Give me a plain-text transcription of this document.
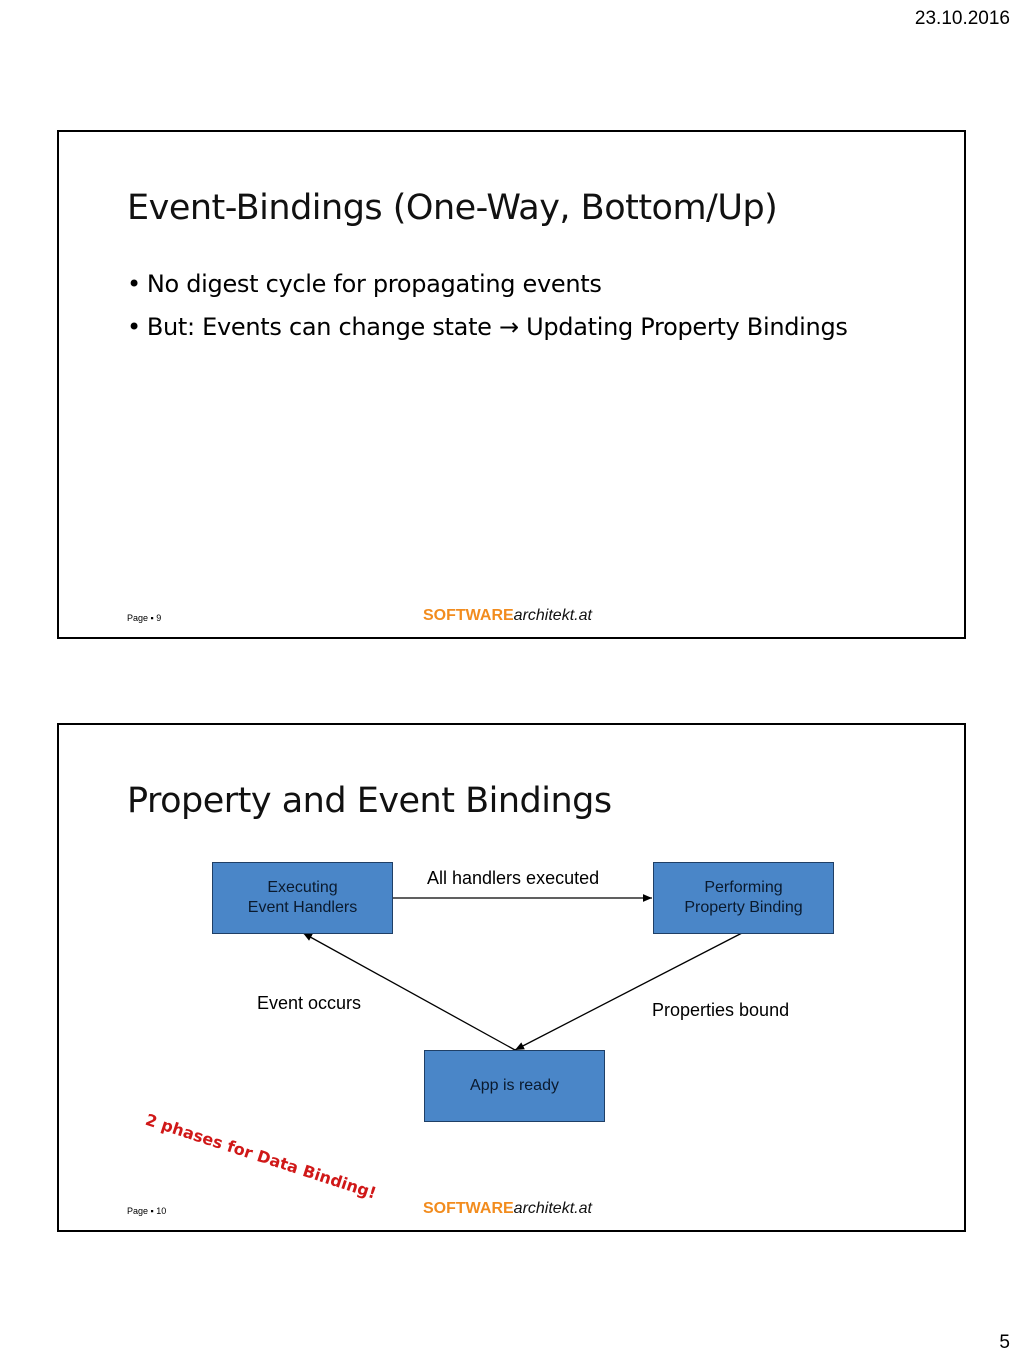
23.10.2016
Event-Bindings (One-Way, Bottom/Up)
• No digest cycle for propagating events
• But: Events can change state → Updating Property Bindings
Page ▪ 9	SOFTWAREarchitekt.at
Property and Event Bindings
Executing
Event Handlers
Performing
Property Binding
App is ready
All handlers executed
Event occurs	Properties bound
2 phases for Data Binding!
Page ▪ 10	SOFTWAREarchitekt.at
5
